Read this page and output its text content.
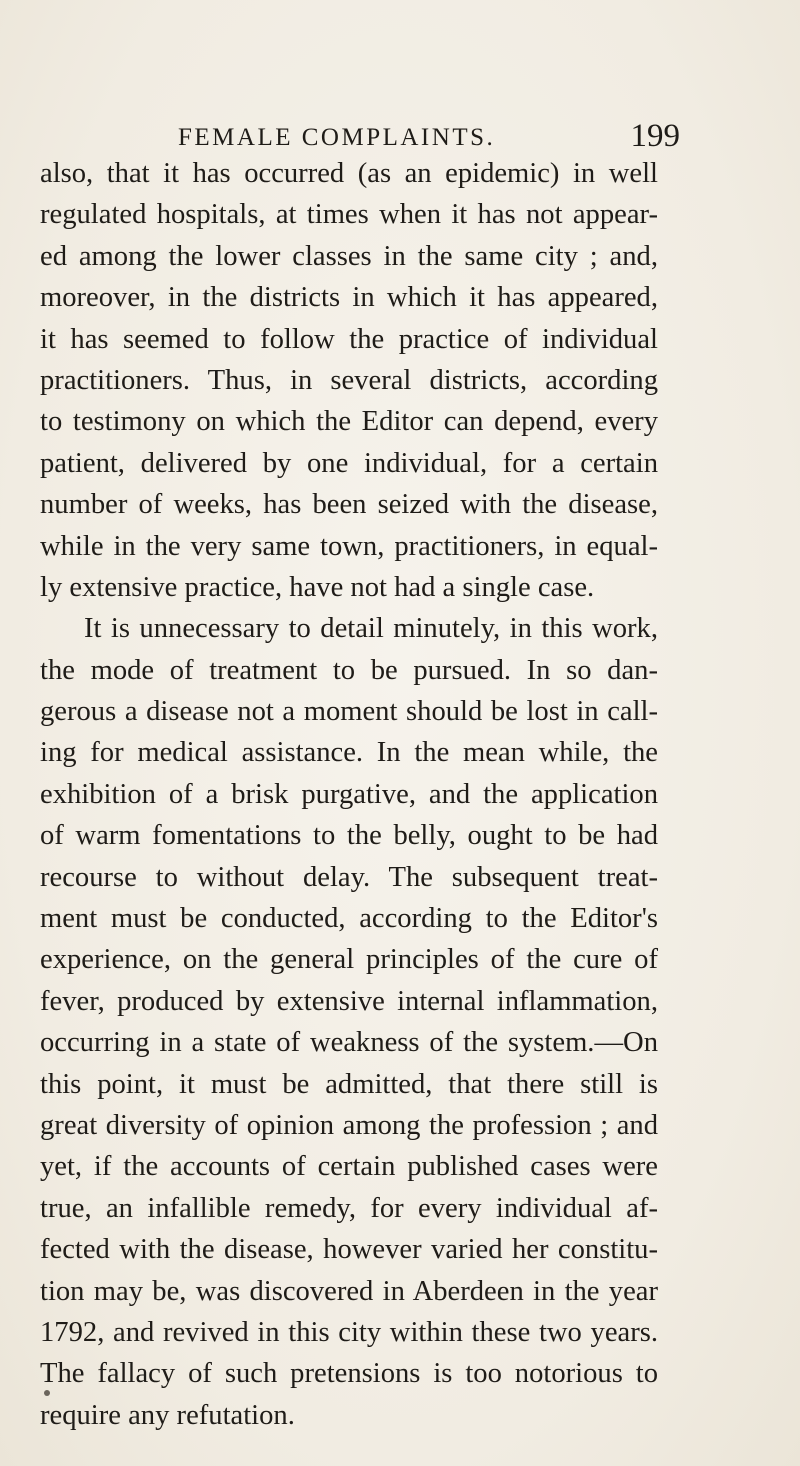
FEMALE COMPLAINTS.	199
also, that it has occurred (as an epidemic) in well
regulated hospitals, at times when it has not appear-
ed among the lower classes in the same city ; and,
moreover, in the districts in which it has appeared,
it has seemed to follow the practice of individual
practitioners. Thus, in several districts, according
to testimony on which the Editor can depend, every
patient, delivered by one individual, for a certain
number of weeks, has been seized with the disease,
while in the very same town, practitioners, in equal-
ly extensive practice, have not had a single case.
It is unnecessary to detail minutely, in this work,
the mode of treatment to be pursued. In so dan-
gerous a disease not a moment should be lost in call-
ing for medical assistance. In the mean while, the
exhibition of a brisk purgative, and the application
of warm fomentations to the belly, ought to be had
recourse to without delay. The subsequent treat-
ment must be conducted, according to the Editor's
experience, on the general principles of the cure of
fever, produced by extensive internal inflammation,
occurring in a state of weakness of the system.—On
this point, it must be admitted, that there still is
great diversity of opinion among the profession ; and
yet, if the accounts of certain published cases were
true, an infallible remedy, for every individual af-
fected with the disease, however varied her constitu-
tion may be, was discovered in Aberdeen in the year
1792, and revived in this city within these two years.
The fallacy of such pretensions is too notorious to
require any refutation.
